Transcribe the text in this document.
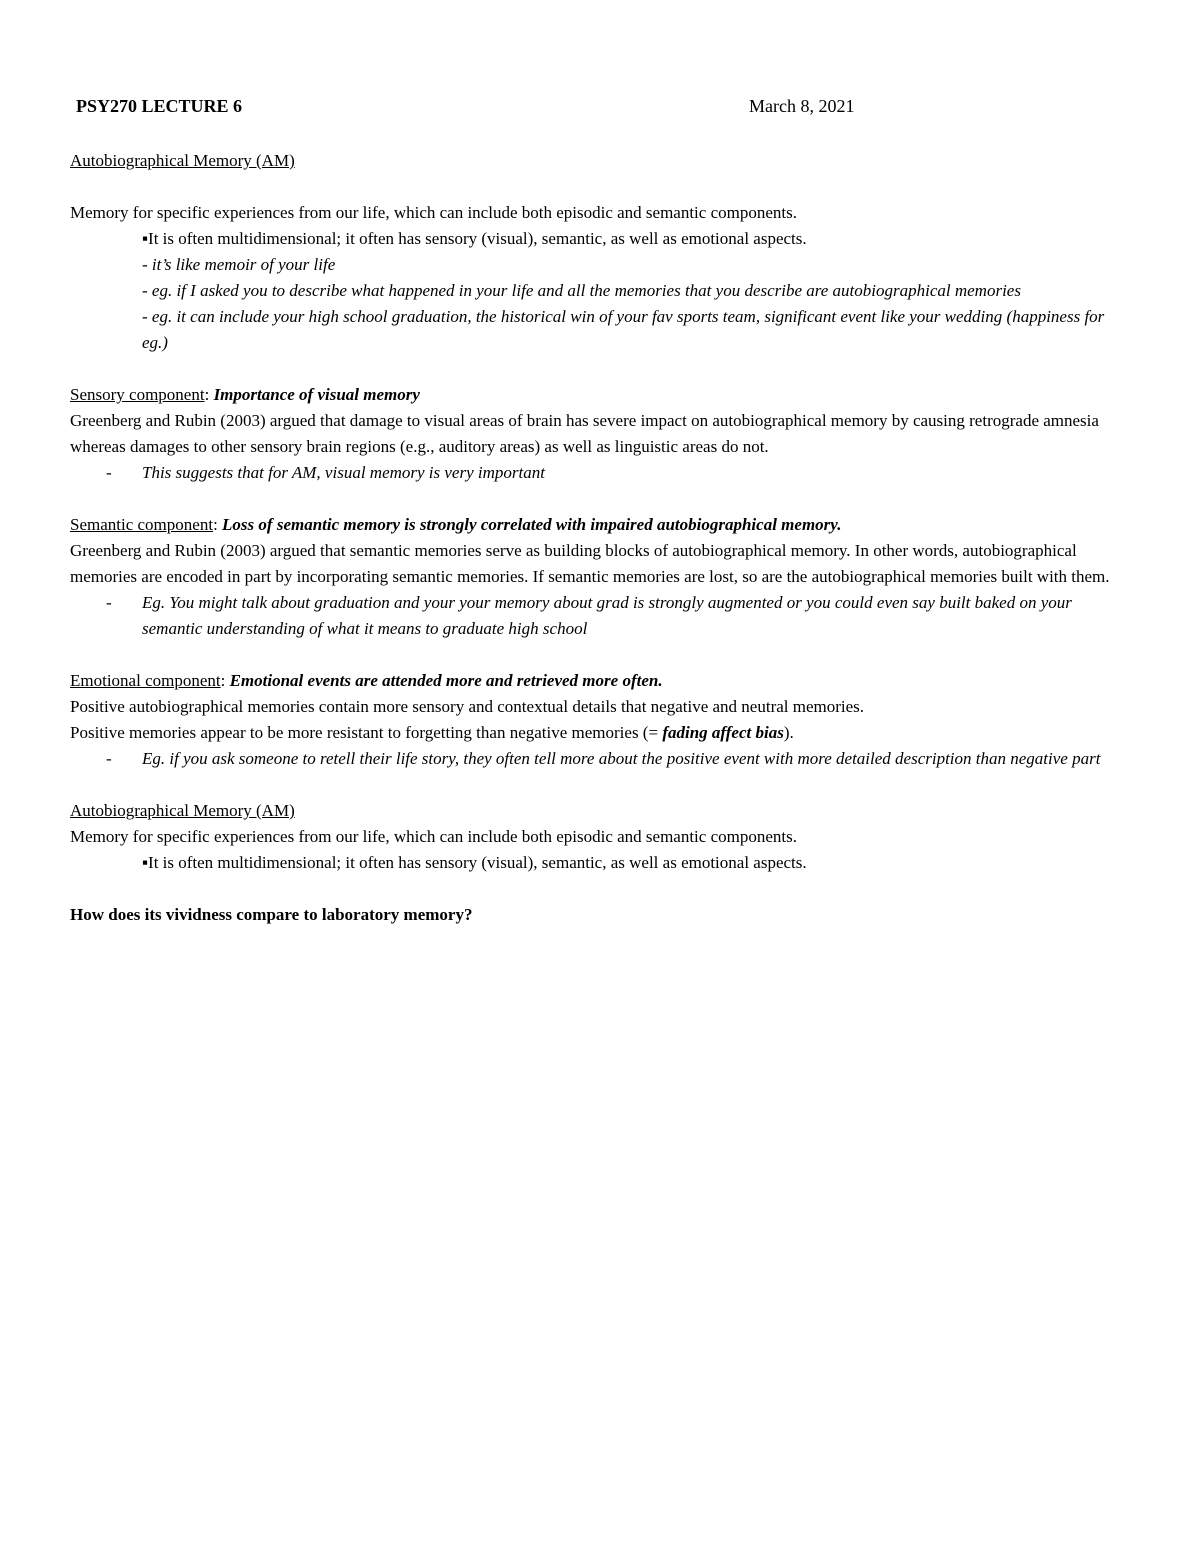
PSY270 LECTURE 6	March 8, 2021

Autobiographical Memory (AM)

Memory for specific experiences from our life, which can include both episodic and semantic components.

▪It is often multidimensional; it often has sensory (visual), semantic, as well as emotional aspects.

- it’s like memoir of your life

- eg. if I asked you to describe what happened in your life and all the memories that you describe are autobiographical memories

- eg. it can include your high school graduation, the historical win of your fav sports team, significant event like your wedding (happiness for eg.)

Sensory component: Importance of visual memory

Greenberg and Rubin (2003) argued that damage to visual areas of brain has severe impact on autobiographical memory by causing retrograde amnesia whereas damages to other sensory brain regions (e.g., auditory areas) as well as linguistic areas do not.

- This suggests that for AM, visual memory is very important

Semantic component: Loss of semantic memory is strongly correlated with impaired autobiographical memory.

Greenberg and Rubin (2003) argued that semantic memories serve as building blocks of autobiographical memory. In other words, autobiographical memories are encoded in part by incorporating semantic memories. If semantic memories are lost, so are the autobiographical memories built with them.

- Eg. You might talk about graduation and your your memory about grad is strongly augmented or you could even say built baked on your semantic understanding of what it means to graduate high school

Emotional component: Emotional events are attended more and retrieved more often.

Positive autobiographical memories contain more sensory and contextual details that negative and neutral memories.

Positive memories appear to be more resistant to forgetting than negative memories (= fading affect bias).

- Eg. if you ask someone to retell their life story, they often tell more about the positive event with more detailed description than negative part

Autobiographical Memory (AM)

Memory for specific experiences from our life, which can include both episodic and semantic components.

▪It is often multidimensional; it often has sensory (visual), semantic, as well as emotional aspects.

How does its vividness compare to laboratory memory?
